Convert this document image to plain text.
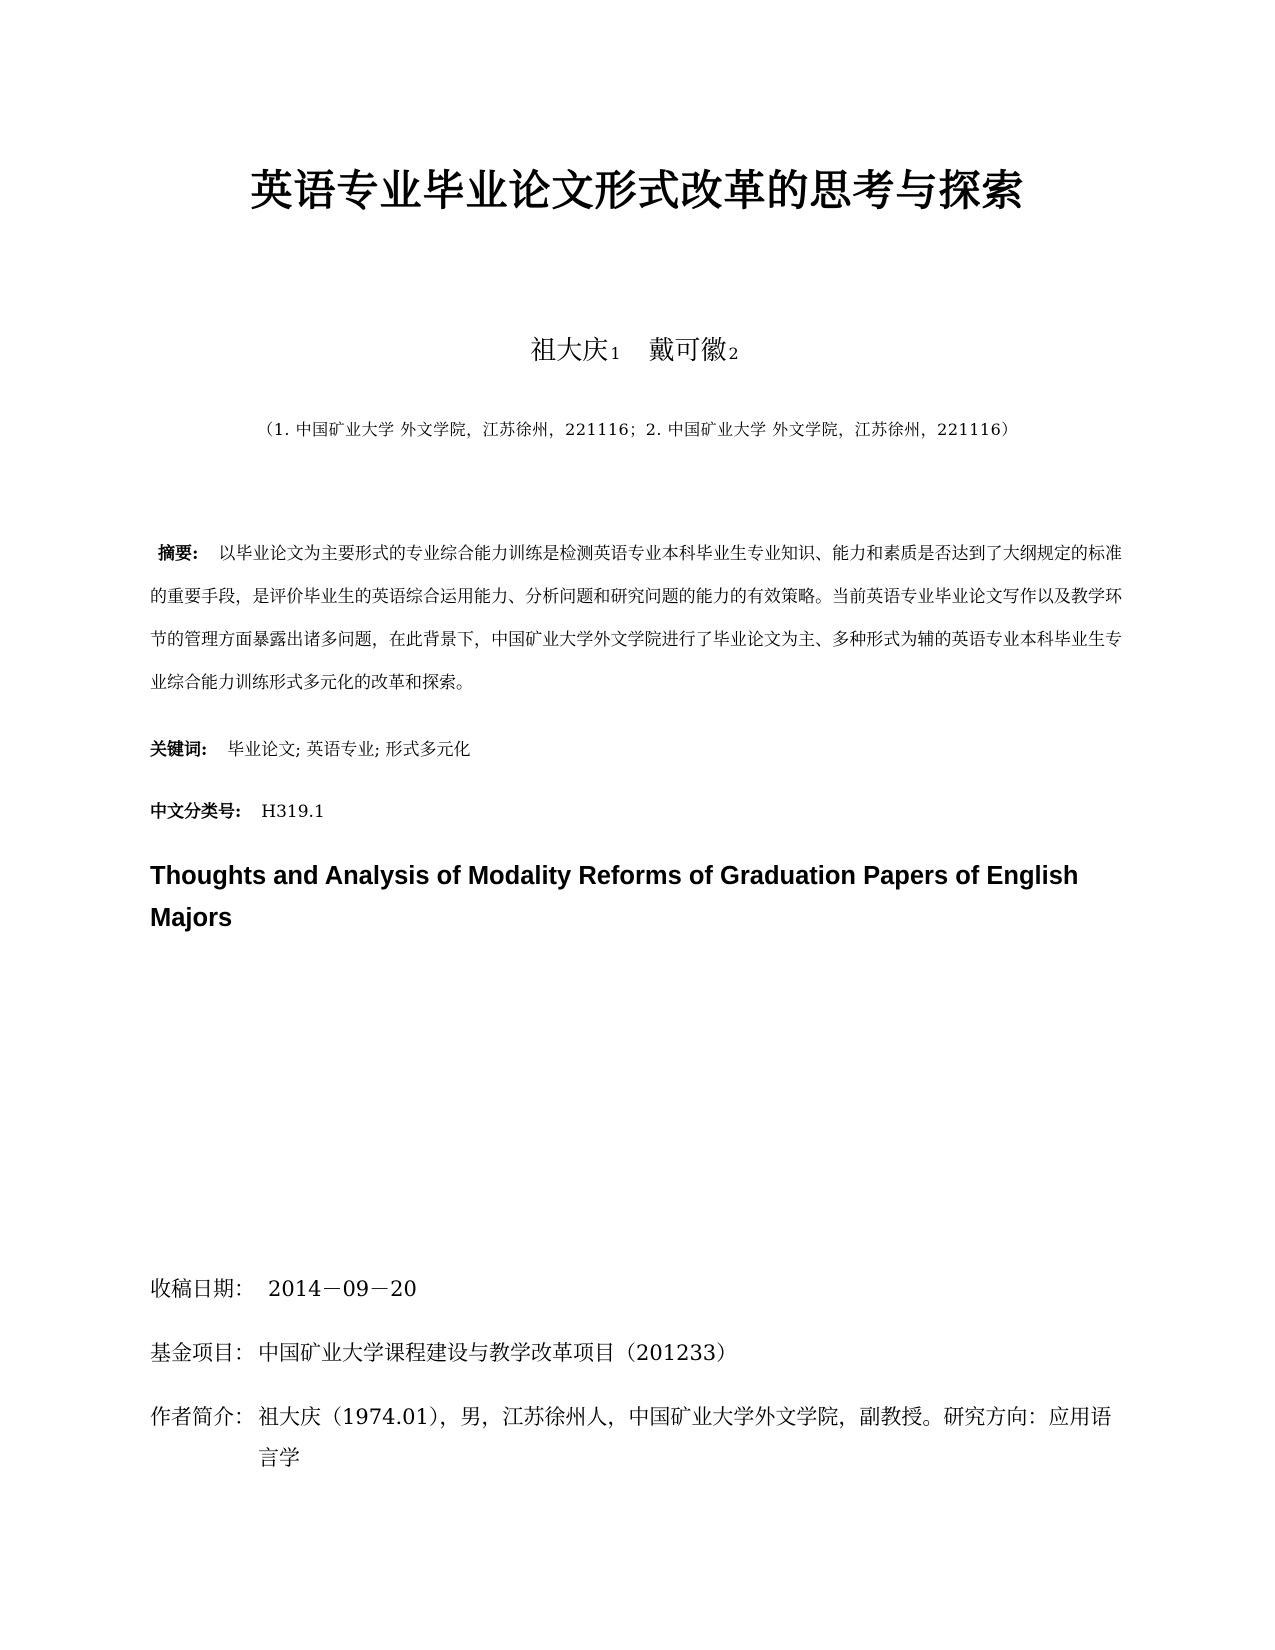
英语专业毕业论文形式改革的思考与探索
祖大庆 1 戴可徽 2
（1. 中国矿业大学 外文学院，江苏徐州，221116；2. 中国矿业大学 外文学院，江苏徐州，221116）
摘要: 以毕业论文为主要形式的专业综合能力训练是检测英语专业本科毕业生专业知识、能力和素质是否达到了大纲规定的标准的重要手段，是评价毕业生的英语综合运用能力、分析问题和研究问题的能力的有效策略。当前英语专业毕业论文写作以及教学环节的管理方面暴露出诸多问题，在此背景下，中国矿业大学外文学院进行了毕业论文为主、多种形式为辅的英语专业本科毕业生专业综合能力训练形式多元化的改革和探索。
关键词: 毕业论文; 英语专业; 形式多元化
中文分类号: H319.1
Thoughts and Analysis of Modality Reforms of Graduation Papers of English Majors
收稿日期： 2014－09－20
基金项目： 中国矿业大学课程建设与教学改革项目（201233）
作者简介： 祖大庆（1974.01），男，江苏徐州人，中国矿业大学外文学院，副教授。研究方向：应用语言学
